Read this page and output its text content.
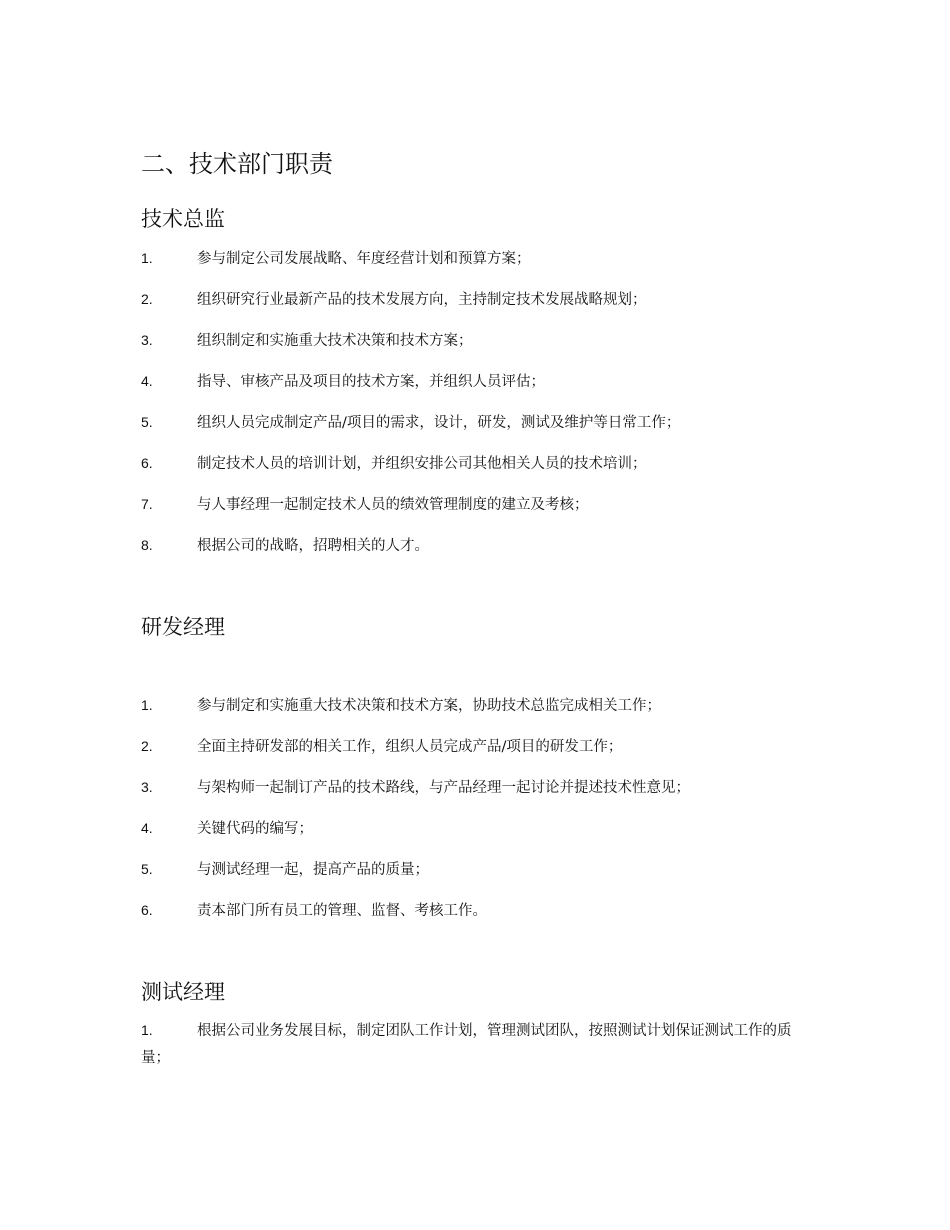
二、技术部门职责
技术总监
1.	参与制定公司发展战略、年度经营计划和预算方案；
2.	组织研究行业最新产品的技术发展方向，主持制定技术发展战略规划；
3.	组织制定和实施重大技术决策和技术方案；
4.	指导、审核产品及项目的技术方案，并组织人员评估；
5.	组织人员完成制定产品/项目的需求，设计，研发，测试及维护等日常工作；
6.	制定技术人员的培训计划，并组织安排公司其他相关人员的技术培训；
7.	与人事经理一起制定技术人员的绩效管理制度的建立及考核；
8.	根据公司的战略，招聘相关的人才。
研发经理
1.	参与制定和实施重大技术决策和技术方案，协助技术总监完成相关工作；
2.	全面主持研发部的相关工作，组织人员完成产品/项目的研发工作；
3.	与架构师一起制订产品的技术路线，与产品经理一起讨论并提述技术性意见；
4.	关键代码的编写；
5.	与测试经理一起，提高产品的质量；
6.	责本部门所有员工的管理、监督、考核工作。
测试经理
1.	根据公司业务发展目标，制定团队工作计划，管理测试团队，按照测试计划保证测试工作的质量；
